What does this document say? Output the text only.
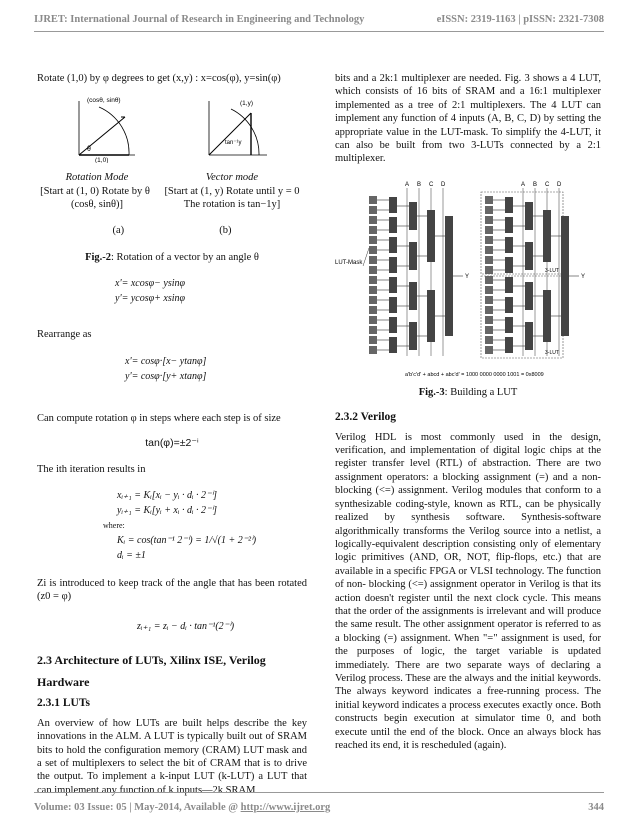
IJRET: International Journal of Research in Engineering and Technology	eISSN: 2319-1163 | pISSN: 2321-7308

Rotate (1,0) by φ degrees to get (x,y) : x=cos(φ), y=sin(φ)

(cosθ, sinθ)
(1,0)
θ
(1,y)
tan⁻¹y

Rotation Mode

[Start at (1, 0) Rotate by θ

(cosθ, sinθ)]

Vector mode

[Start at (1, y) Rotate until y = 0

The rotation is tan−1y]

(a)	(b)

Fig.-2: Rotation of a vector by an angle θ

x'= xcosφ− ysinφ

y'= ycosφ+ xsinφ

Rearrange as

x'= cosφ·[x− ytanφ]

y'= cosφ·[y+ xtanφ]

Can compute rotation φ in steps where each step is of size

tan(φ)=±2⁻ⁱ

The ith iteration results in

xᵢ₊₁ = Kᵢ[xᵢ − yᵢ · dᵢ · 2⁻ⁱ]

yᵢ₊₁ = Kᵢ[yᵢ + xᵢ · dᵢ · 2⁻ⁱ]

where:

Kᵢ = cos(tan⁻¹ 2⁻ⁱ) = 1/√(1 + 2⁻²ⁱ)

dᵢ = ±1

Zi is introduced to keep track of the angle that has been rotated (z0 = φ)

zᵢ₊₁ = zᵢ − dᵢ · tan⁻¹(2⁻ⁱ)

2.3 Architecture of LUTs, Xilinx ISE, Verilog Hardware

2.3.1 LUTs

An overview of how LUTs are built helps describe the key innovations in the ALM. A LUT is typically built out of SRAM bits to hold the configuration memory (CRAM) LUT mask and a set of multiplexers to select the bit of CRAM that is to drive the output. To implement a k-input LUT (k-LUT) a LUT that can implement any function of k inputs—2k SRAM

bits and a 2k:1 multiplexer are needed. Fig. 3 shows a 4 LUT, which consists of 16 bits of SRAM and a 16:1 multiplexer implemented as a tree of 2:1 multiplexers. The 4 LUT can implement any function of 4 inputs (A, B, C, D) by setting the appropriate value in the LUT-mask. To simplify the 4-LUT, it can also be built from two 3-LUTs connected by a 2:1 multiplexer.

A B C D
Y
LUT-Mask
a'b'c'd' + abcd + abc'd' = 1000 0000 0000 1001 = 0x8009
A B C D
3-LUT
3-LUT
Y

Fig.-3: Building a LUT

2.3.2 Verilog

Verilog HDL is most commonly used in the design, verification, and implementation of digital logic chips at the register transfer level (RTL) of abstraction. There are two assignment operators: a blocking assignment (=) and a non-blocking (<=) assignment. Verilog modules that conform to a synthesizable coding-style, known as RTL, can be physically realized by synthesis software. Synthesis-software algorithmically transforms the Verilog source into a netlist, a logically-equivalent description consisting only of elementary logic primitives (AND, OR, NOT, flip-flops, etc.) that are available in a specific FPGA or VLSI technology. The function of non- blocking (<=) assignment operator in Verilog is that its action doesn't register until the next clock cycle. This means that the order of the assignments is irrelevant and will produce the same result. The other assignment operator is referred to as a blocking (=) assignment. When "=" assignment is used, for the purposes of logic, the target variable is updated immediately. There are two separate ways of declaring a Verilog process. These are the always and the initial keywords. The always keyword indicates a free-running process. The initial keyword indicates a process executes exactly once. Both constructs begin execution at simulator time 0, and both execute until the end of the block. Once an always block has reached its end, it is rescheduled (again).

Volume: 03 Issue: 05 | May-2014, Available @ http://www.ijret.org	344
